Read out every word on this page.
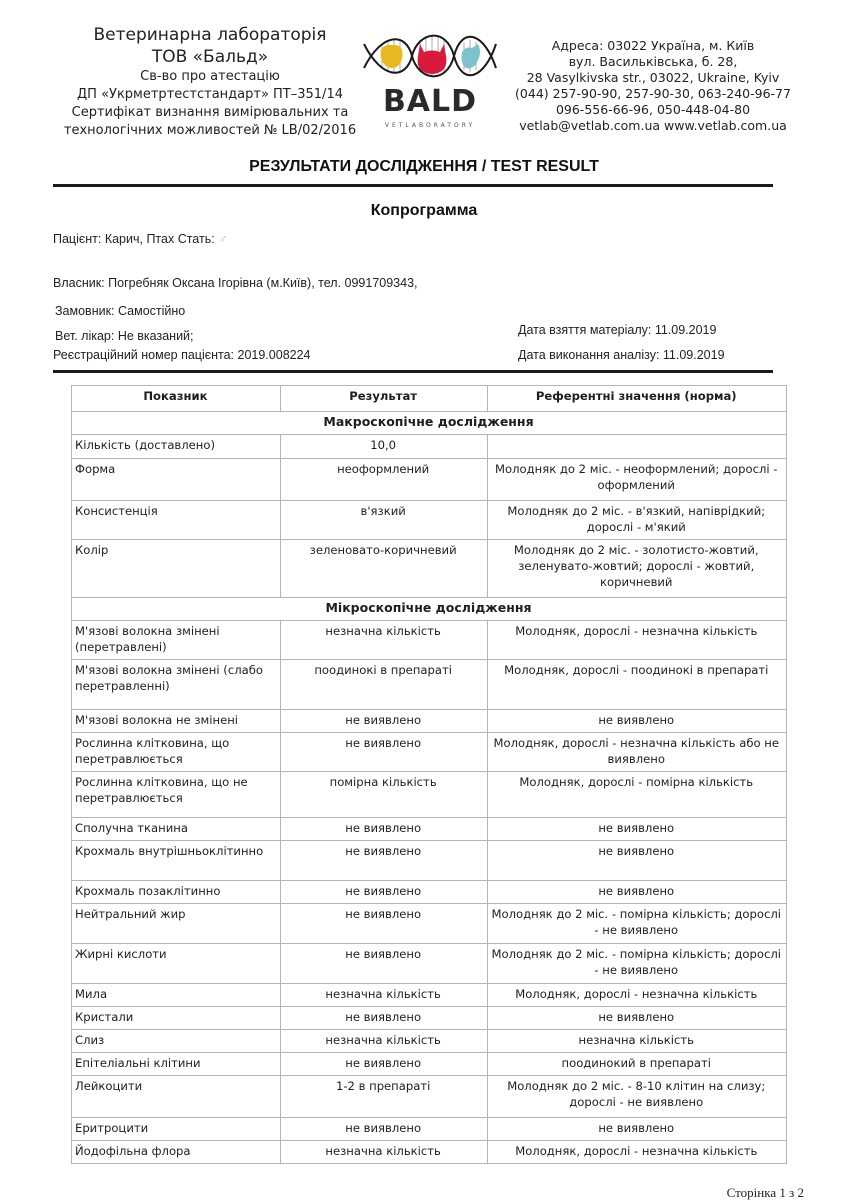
Ветеринарна лабораторія
ТОВ «Бальд»
Св-во про атестацію
ДП «Укрметртестстандарт» ПТ–351/14
Сертифікат визнання вимірювальних та
технологічних можливостей № LB/02/2016
BALD
VETLABORATORY
Адреса: 03022 Україна, м. Київ
вул. Васильківська, б. 28,
28 Vasylkivska str., 03022, Ukraine, Kyiv
(044) 257-90-90, 257-90-30, 063-240-96-77
096-556-66-96, 050-448-04-80
vetlab@vetlab.com.ua www.vetlab.com.ua
РЕЗУЛЬТАТИ ДОСЛІДЖЕННЯ / TEST RESULT
Копрограмма
Пацієнт: Карич, Птах Стать: ♂
Власник: Погребняк Оксана Ігорівна (м.Київ), тел. 0991709343,
Замовник: Самостійно
Вет. лікар: Не вказаний;
Реєстраційний номер пацієнта: 2019.008224
Дата взяття матеріалу: 11.09.2019
Дата виконання аналізу: 11.09.2019
Показник	Результат	Референтні значення (норма)
Макроскопічне дослідження		
Кількість (доставлено)	10,0	
Форма	неоформлений	Молодняк до 2 міс. - неоформлений; дорослі - оформлений
Консистенція	в'язкий	Молодняк до 2 міс. - в'язкий, напіврідкий; дорослі - м'який
Колір	зеленовато-коричневий	Молодняк до 2 міс. - золотисто-жовтий, зеленувато-жовтий; дорослі - жовтий, коричневий
Мікроскопічне дослідження		
М'язові волокна змінені (перетравлені)	незначна кількість	Молодняк, дорослі - незначна кількість
М'язові волокна змінені (слабо перетравленні)	поодинокі в препараті	Молодняк, дорослі - поодинокі в препараті
М'язові волокна не змінені	не виявлено	не виявлено
Рослинна клітковина, що перетравлюється	не виявлено	Молодняк, дорослі - незначна кількість або не виявлено
Рослинна клітковина, що не перетравлюється	помірна кількість	Молодняк, дорослі - помірна кількість
Сполучна тканина	не виявлено	не виявлено
Крохмаль внутрішньоклітинно	не виявлено	не виявлено
Крохмаль позаклітинно	не виявлено	не виявлено
Нейтральний жир	не виявлено	Молодняк до 2 міс. - помірна кількість; дорослі - не виявлено
Жирні кислоти	не виявлено	Молодняк до 2 міс. - помірна кількість; дорослі - не виявлено
Мила	незначна кількість	Молодняк, дорослі - незначна кількість
Кристали	не виявлено	не виявлено
Слиз	незначна кількість	незначна кількість
Епітеліальні клітини	не виявлено	поодинокий в препараті
Лейкоцити	1-2 в препараті	Молодняк до 2 міс. - 8-10 клітин на слизу; дорослі - не виявлено
Еритроцити	не виявлено	не виявлено
Йодофільна флора	незначна кількість	Молодняк, дорослі - незначна кількість
Сторінка 1 з 2
